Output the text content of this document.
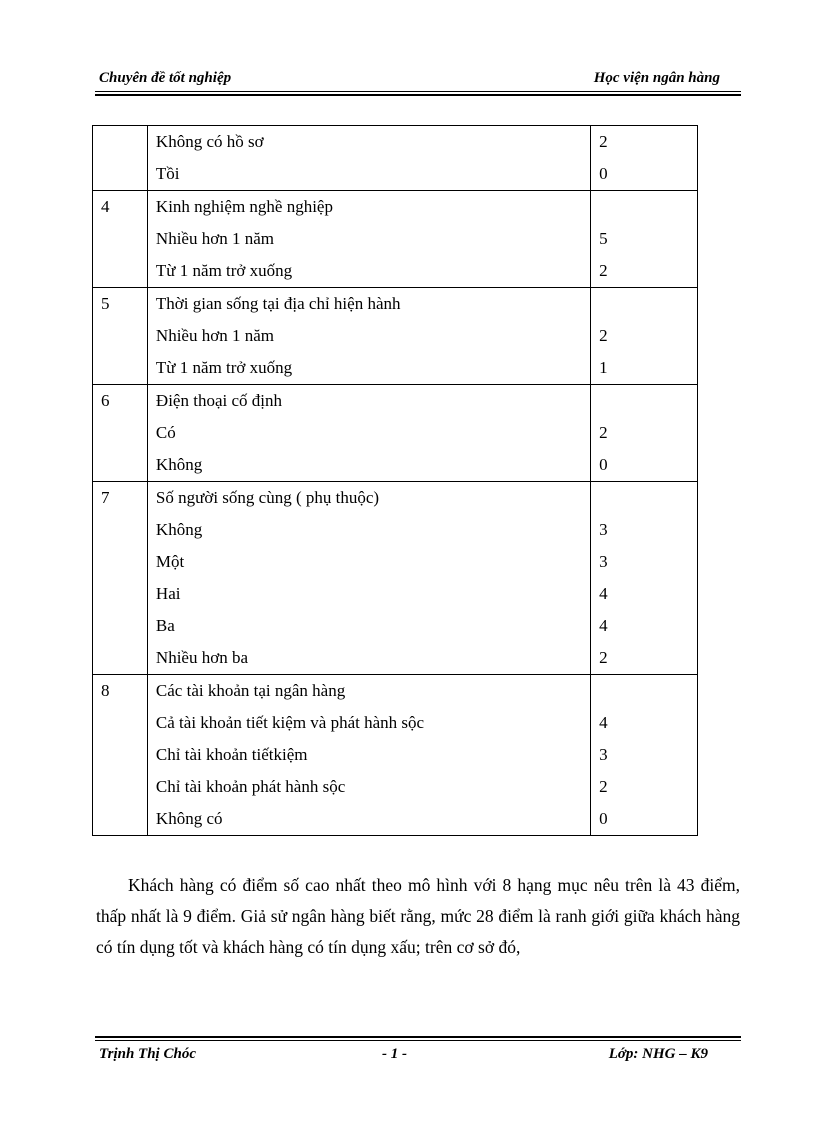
Chuyên đề tốt nghiệp	Học viện ngân hàng
	Không có hồ sơ	2
	Tồi	0
4	Kinh nghiệm nghề nghiệp	
	Nhiều hơn 1 năm	5
	Từ 1 năm trở xuống	2
5	Thời gian sống tại địa chỉ hiện hành	
	Nhiều hơn 1 năm	2
	Từ 1 năm trở xuống	1
6	Điện thoại cố định	
	Có	2
	Không	0
7	Số người sống cùng ( phụ thuộc)	
	Không	3
	Một	3
	Hai	4
	Ba	4
	Nhiều hơn ba	2
8	Các tài khoản tại ngân hàng	
	Cả tài khoản tiết kiệm và phát hành sộc	4
	Chỉ tài khoản tiếtkiệm	3
	Chỉ tài khoản phát hành sộc	2
	Không có	0

Khách hàng có điểm số cao nhất theo mô hình với 8 hạng mục nêu trên là 43 điểm, thấp nhất là 9 điểm. Giả sử ngân hàng biết rằng, mức 28 điểm là ranh giới giữa khách hàng có tín dụng tốt và khách hàng có tín dụng xấu; trên cơ sở đó,

Trịnh Thị Chóc	- 1 -	Lớp: NHG – K9
